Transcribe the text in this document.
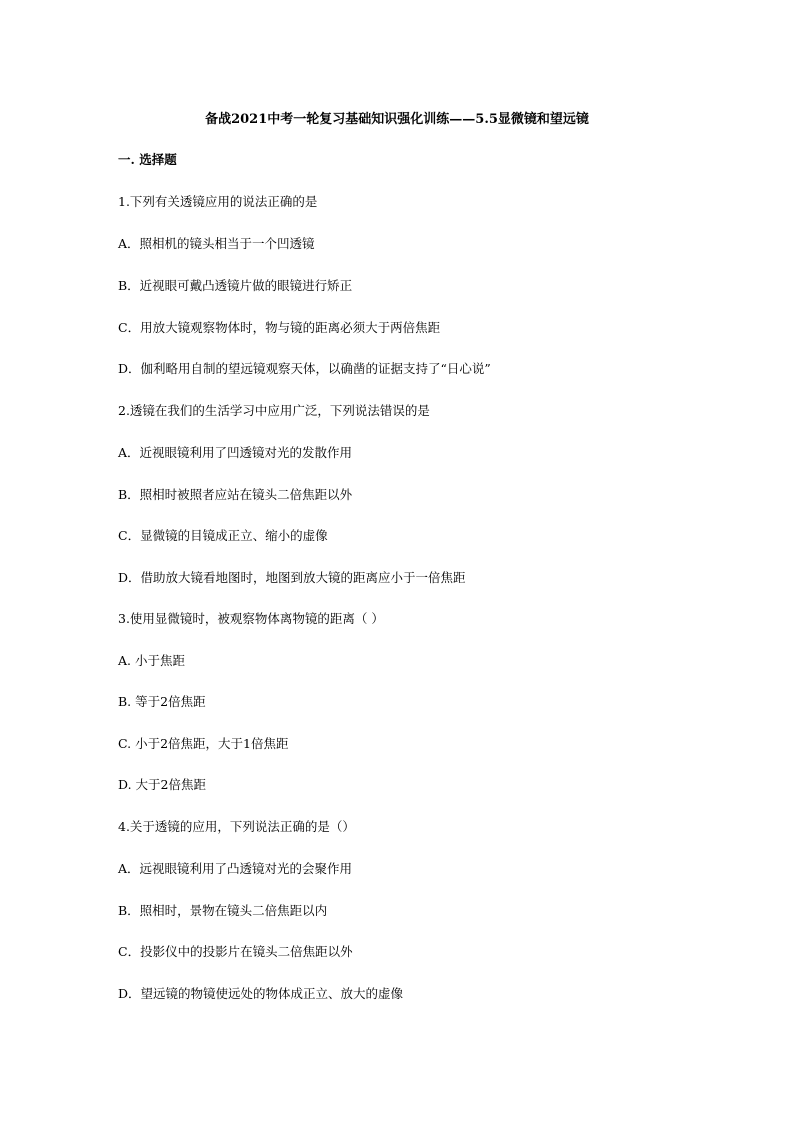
备战2021中考一轮复习基础知识强化训练——5.5显微镜和望远镜
一. 选择题
1.下列有关透镜应用的说法正确的是
A．照相机的镜头相当于一个凹透镜
B．近视眼可戴凸透镜片做的眼镜进行矫正
C．用放大镜观察物体时，物与镜的距离必须大于两倍焦距
D．伽利略用自制的望远镜观察天体，以确凿的证据支持了“日心说”
2.透镜在我们的生活学习中应用广泛，下列说法错误的是
A．近视眼镜利用了凹透镜对光的发散作用
B．照相时被照者应站在镜头二倍焦距以外
C．显微镜的目镜成正立、缩小的虚像
D．借助放大镜看地图时，地图到放大镜的距离应小于一倍焦距
3.使用显微镜时，被观察物体离物镜的距离（ ）
A. 小于焦距
B. 等于2倍焦距
C. 小于2倍焦距，大于1倍焦距
D. 大于2倍焦距
4.关于透镜的应用，下列说法正确的是（）
A．远视眼镜利用了凸透镜对光的会聚作用
B．照相时，景物在镜头二倍焦距以内
C．投影仪中的投影片在镜头二倍焦距以外
D．望远镜的物镜使远处的物体成正立、放大的虚像
